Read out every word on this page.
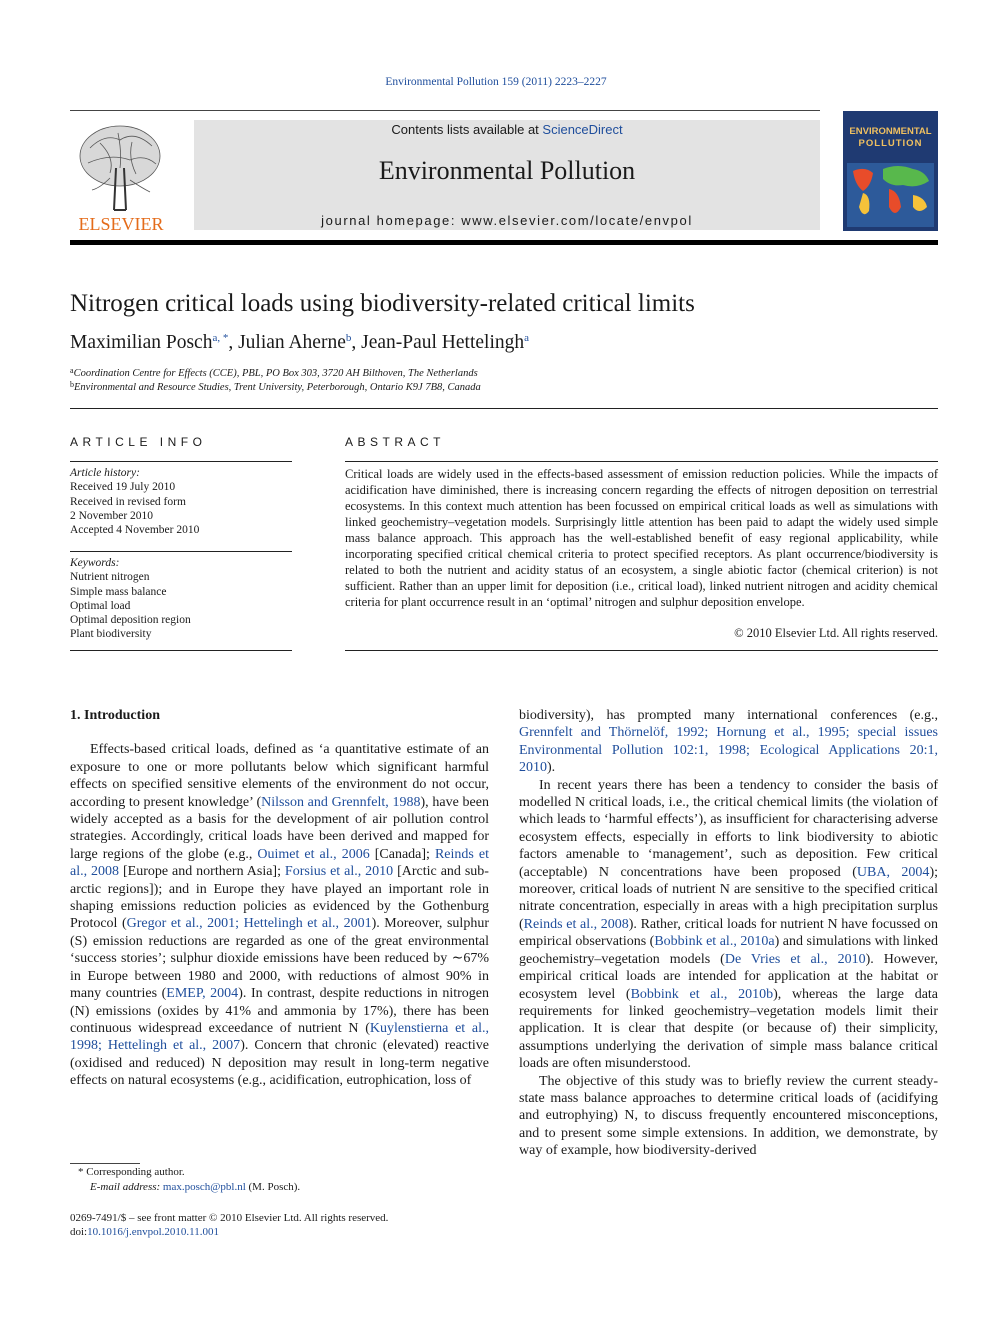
Environmental Pollution 159 (2011) 2223–2227
ELSEVIER
Contents lists available at ScienceDirect
Environmental Pollution
journal homepage: www.elsevier.com/locate/envpol
ENVIRONMENTAL
POLLUTION
Nitrogen critical loads using biodiversity-related critical limits
Maximilian Posch$^{a, *}$, Julian Aherne$^b$, Jean-Paul Hettelingh$^a$
$^a$Coordination Centre for Effects (CCE), PBL, PO Box 303, 3720 AH Bilthoven, The Netherlands
$^b$Environmental and Resource Studies, Trent University, Peterborough, Ontario K9J 7B8, Canada
ARTICLE INFO
Article history:
Received 19 July 2010
Received in revised form
2 November 2010
Accepted 4 November 2010
Keywords:
Nutrient nitrogen
Simple mass balance
Optimal load
Optimal deposition region
Plant biodiversity
ABSTRACT
Critical loads are widely used in the effects-based assessment of emission reduction policies. While the impacts of acidification have diminished, there is increasing concern regarding the effects of nitrogen deposition on terrestrial ecosystems. In this context much attention has been focussed on empirical critical loads as well as simulations with linked geochemistry–vegetation models. Surprisingly little attention has been paid to adapt the widely used simple mass balance approach. This approach has the well-established benefit of easy regional applicability, while incorporating specified critical chemical criteria to protect specified receptors. As plant occurrence/biodiversity is related to both the nutrient and acidity status of an ecosystem, a single abiotic factor (chemical criterion) is not sufficient. Rather than an upper limit for deposition (i.e., critical load), linked nutrient nitrogen and acidity chemical criteria for plant occurrence result in an ‘optimal’ nitrogen and sulphur deposition envelope.
© 2010 Elsevier Ltd. All rights reserved.

1. Introduction

Effects-based critical loads, defined as ‘a quantitative estimate of an exposure to one or more pollutants below which significant harmful effects on specified sensitive elements of the environment do not occur, according to present knowledge’ (Nilsson and Grennfelt, 1988), have been widely accepted as a basis for the development of air pollution control strategies. Accordingly, critical loads have been derived and mapped for large regions of the globe (e.g., Ouimet et al., 2006 [Canada]; Reinds et al., 2008 [Europe and northern Asia]; Forsius et al., 2010 [Arctic and sub-arctic regions]); and in Europe they have played an important role in shaping emissions reduction policies as evidenced by the Gothenburg Protocol (Gregor et al., 2001; Hettelingh et al., 2001). Moreover, sulphur (S) emission reductions are regarded as one of the great environmental ‘success stories’; sulphur dioxide emissions have been reduced by ∼67% in Europe between 1980 and 2000, with reductions of almost 90% in many countries (EMEP, 2004). In contrast, despite reductions in nitrogen (N) emissions (oxides by 41% and ammonia by 17%), there has been continuous widespread exceedance of nutrient N (Kuylenstierna et al., 1998; Hettelingh et al., 2007). Concern that chronic (elevated) reactive (oxidised and reduced) N deposition may result in long-term negative effects on natural ecosystems (e.g., acidification, eutrophication, loss of

biodiversity), has prompted many international conferences (e.g., Grennfelt and Thörnelöf, 1992; Hornung et al., 1995; special issues Environmental Pollution 102:1, 1998; Ecological Applications 20:1, 2010).

In recent years there has been a tendency to consider the basis of modelled N critical loads, i.e., the critical chemical limits (the violation of which leads to ‘harmful effects’), as insufficient for characterising adverse ecosystem effects, especially in efforts to link biodiversity to abiotic factors amenable to ‘management’, such as deposition. Few critical (acceptable) N concentrations have been proposed (UBA, 2004); moreover, critical loads of nutrient N are sensitive to the specified critical nitrate concentration, especially in areas with a high precipitation surplus (Reinds et al., 2008). Rather, critical loads for nutrient N have focussed on empirical observations (Bobbink et al., 2010a) and simulations with linked geochemistry–vegetation models (De Vries et al., 2010). However, empirical critical loads are intended for application at the habitat or ecosystem level (Bobbink et al., 2010b), whereas the large data requirements for linked geochemistry–vegetation models limit their application. It is clear that despite (or because of) their simplicity, assumptions underlying the derivation of simple mass balance critical loads are often misunderstood.

The objective of this study was to briefly review the current steady-state mass balance approaches to determine critical loads of (acidifying and eutrophying) N, to discuss frequently encountered misconceptions, and to present some simple extensions. In addition, we demonstrate, by way of example, how biodiversity-derived

* Corresponding author.
E-mail address: max.posch@pbl.nl (M. Posch).
0269-7491/$ – see front matter © 2010 Elsevier Ltd. All rights reserved.
doi:10.1016/j.envpol.2010.11.001
